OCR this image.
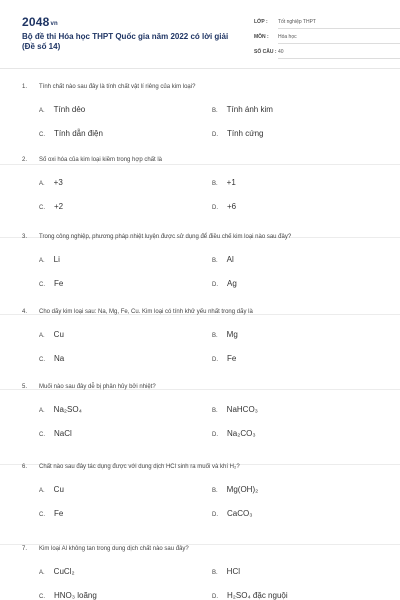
2048vn
Bộ đề thi Hóa học THPT Quốc gia năm 2022 có lời giải (Đề số 14)
LỚP : Tốt nghiệp THPT
MÔN : Hóa học
SỐ CÂU : 40
1. Tính chất nào sau đây là tính chất vật lí riêng của kim loại?
A. Tính dẻo	B. Tính ánh kim
C. Tính dẫn điện	D. Tính cứng
2. Số oxi hóa của kim loại kiềm trong hợp chất là
A. +3	B. +1
C. +2	D. +6
3. Trong công nghiệp, phương pháp nhiệt luyện được sử dụng để điều chế kim loại nào sau đây?
A. Li	B. Al
C. Fe	D. Ag
4. Cho dãy kim loại sau: Na, Mg, Fe, Cu. Kim loại có tính khử yếu nhất trong dãy là
A. Cu	B. Mg
C. Na	D. Fe
5. Muối nào sau đây dễ bị phân hủy bởi nhiệt?
A. Na₂SO₄	B. NaHCO₃
C. NaCl	D. Na₂CO₃
6. Chất nào sau đây tác dụng được với dung dịch HCl sinh ra muối và khí H₂?
A. Cu	B. Mg(OH)₂
C. Fe	D. CaCO₃
7. Kim loại Al không tan trong dung dịch chất nào sau đây?
A. CuCl₂	B. HCl
C. HNO₃ loãng	D. H₂SO₄ đặc nguội
